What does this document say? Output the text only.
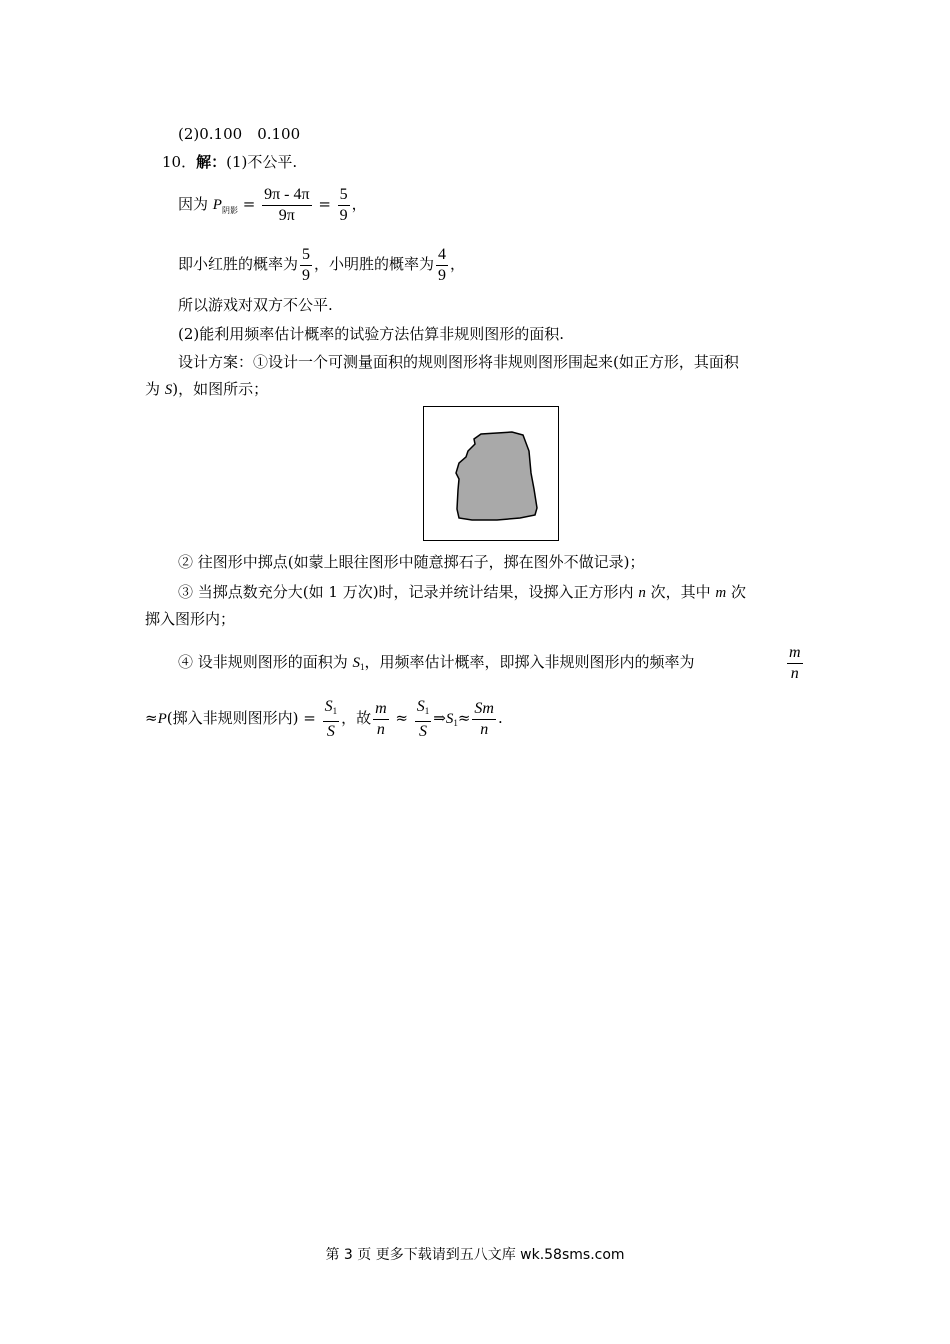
(2)0.100　0.100
10．解：(1)不公平.
因为 $P_{阴影} = \frac{9\pi - 4\pi}{9\pi} = \frac{5}{9}$ ，
即小红胜的概率为 $\frac{5}{9}$ ，小明胜的概率为 $\frac{4}{9}$ ，
所以游戏对双方不公平.
(2)能利用频率估计概率的试验方法估算非规则图形的面积.
设计方案：①设计一个可测量面积的规则图形将非规则图形围起来(如正方形，其面积
为 S)，如图所示；
② 往图形中掷点(如蒙上眼往图形中随意掷石子，掷在图外不做记录)；
③ 当掷点数充分大(如 1 万次)时，记录并统计结果，设掷入正方形内 n 次，其中 m 次
掷入图形内；
④ 设非规则图形的面积为 $S_1$，用频率估计概率，即掷入非规则图形内的频率为	$\frac{m}{n}$
≈P(掷入非规则图形内) = $\frac{S_1}{S}$ ，故 $\frac{m}{n} \approx \frac{S_1}{S}$ $\Rightarrow S_1\approx \frac{Sm}{n}$ .
第 3 页 更多下载请到五八文库 wk.58sms.com
